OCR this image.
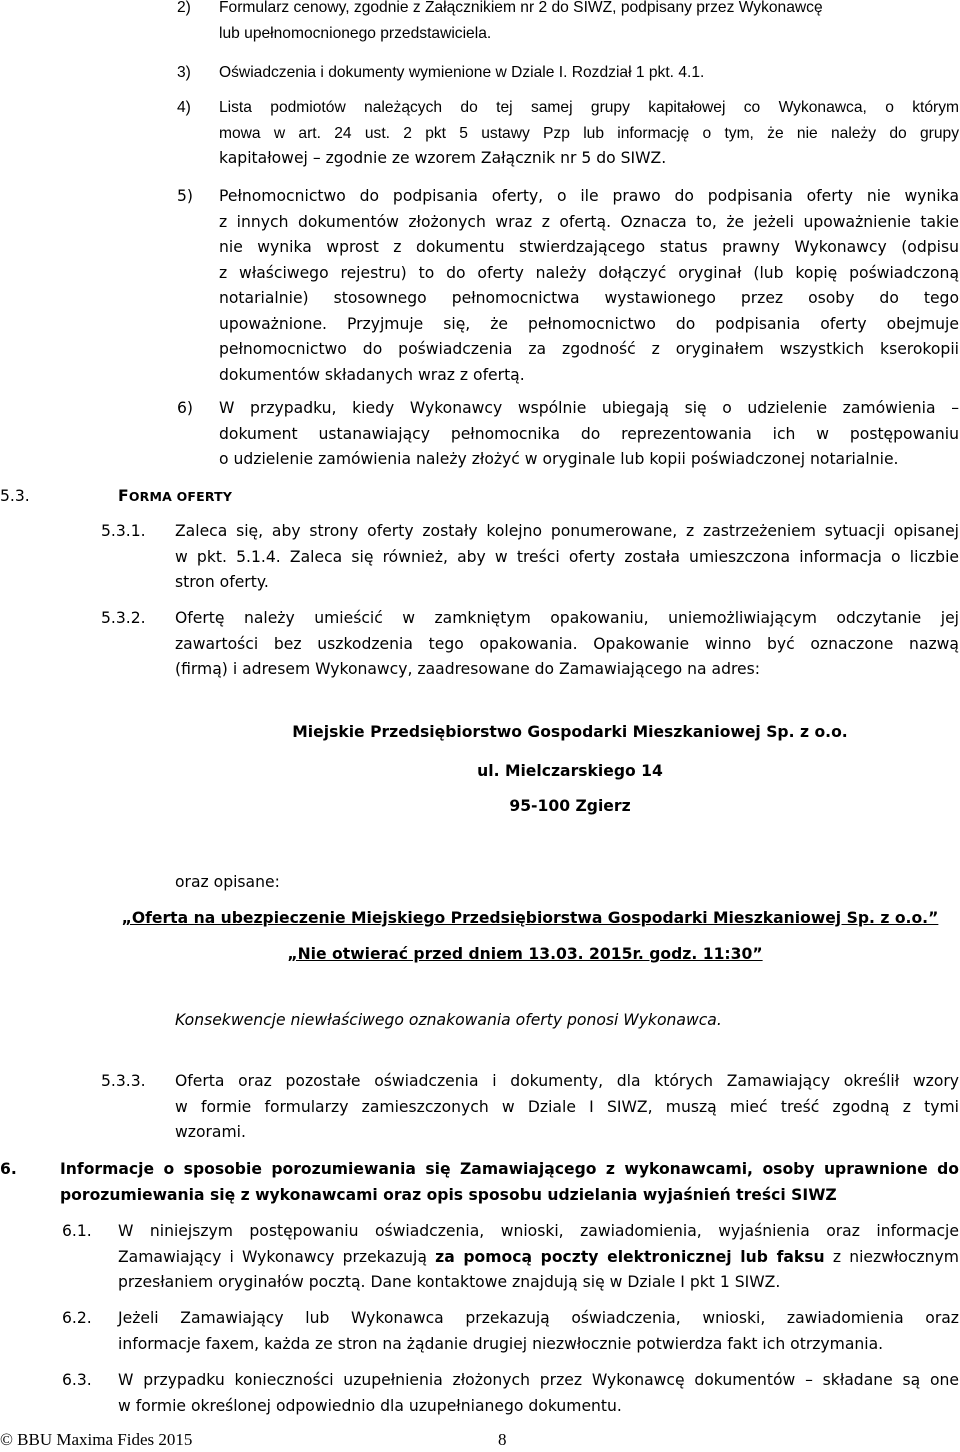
2) Formularz cenowy, zgodnie z Załącznikiem nr 2 do SIWZ, podpisany przez Wykonawcę
lub upełnomocnionego przedstawiciela.
3) Oświadczenia i dokumenty wymienione w Dziale I. Rozdział 1 pkt. 4.1.
4) Lista podmiotów należących do tej samej grupy kapitałowej co Wykonawca, o którym
mowa w art. 24 ust. 2 pkt 5 ustawy Pzp lub informację o tym, że nie należy do grupy
kapitałowej – zgodnie ze wzorem Załącznik nr 5 do SIWZ.
5) Pełnomocnictwo do podpisania oferty, o ile prawo do podpisania oferty nie wynika
z innych dokumentów złożonych wraz z ofertą. Oznacza to, że jeżeli upoważnienie takie
nie wynika wprost z dokumentu stwierdzającego status prawny Wykonawcy (odpisu
z właściwego rejestru) to do oferty należy dołączyć oryginał (lub kopię poświadczoną
notarialnie) stosownego pełnomocnictwa wystawionego przez osoby do tego
upoważnione. Przyjmuje się, że pełnomocnictwo do podpisania oferty obejmuje
pełnomocnictwo do poświadczenia za zgodność z oryginałem wszystkich kserokopii
dokumentów składanych wraz z ofertą.
6) W przypadku, kiedy Wykonawcy wspólnie ubiegają się o udzielenie zamówienia –
dokument ustanawiający pełnomocnika do reprezentowania ich w postępowaniu
o udzielenie zamówienia należy złożyć w oryginale lub kopii poświadczonej notarialnie.
5.3.	FORMA OFERTY
5.3.1. Zaleca się, aby strony oferty zostały kolejno ponumerowane, z zastrzeżeniem sytuacji opisanej
w pkt. 5.1.4. Zaleca się również, aby w treści oferty została umieszczona informacja o liczbie
stron oferty.
5.3.2. Ofertę należy umieścić w zamkniętym opakowaniu, uniemożliwiającym odczytanie jej
zawartości bez uszkodzenia tego opakowania. Opakowanie winno być oznaczone nazwą
(firmą) i adresem Wykonawcy, zaadresowane do Zamawiającego na adres:
Miejskie Przedsiębiorstwo Gospodarki Mieszkaniowej Sp. z o.o.
ul. Mielczarskiego 14
95-100 Zgierz
oraz opisane:
„Oferta na ubezpieczenie Miejskiego Przedsiębiorstwa Gospodarki Mieszkaniowej Sp. z o.o.”
„Nie otwierać przed dniem 13.03. 2015r. godz. 11:30”
Konsekwencje niewłaściwego oznakowania oferty ponosi Wykonawca.
5.3.3. Oferta oraz pozostałe oświadczenia i dokumenty, dla których Zamawiający określił wzory
w formie formularzy zamieszczonych w Dziale I SIWZ, muszą mieć treść zgodną z tymi
wzorami.
6.	Informacje o sposobie porozumiewania się Zamawiającego z wykonawcami, osoby uprawnione do
porozumiewania się z wykonawcami oraz opis sposobu udzielania wyjaśnień treści SIWZ
6.1. W niniejszym postępowaniu oświadczenia, wnioski, zawiadomienia, wyjaśnienia oraz informacje
Zamawiający i Wykonawcy przekazują za pomocą poczty elektronicznej lub faksu z niezwłocznym
przesłaniem oryginałów pocztą. Dane kontaktowe znajdują się w Dziale I pkt 1 SIWZ.
6.2. Jeżeli Zamawiający lub Wykonawca przekazują oświadczenia, wnioski, zawiadomienia oraz
informacje faxem, każda ze stron na żądanie drugiej niezwłocznie potwierdza fakt ich otrzymania.
6.3. W przypadku konieczności uzupełnienia złożonych przez Wykonawcę dokumentów – składane są one
w formie określonej odpowiednio dla uzupełnianego dokumentu.
© BBU Maxima Fides 2015	8
